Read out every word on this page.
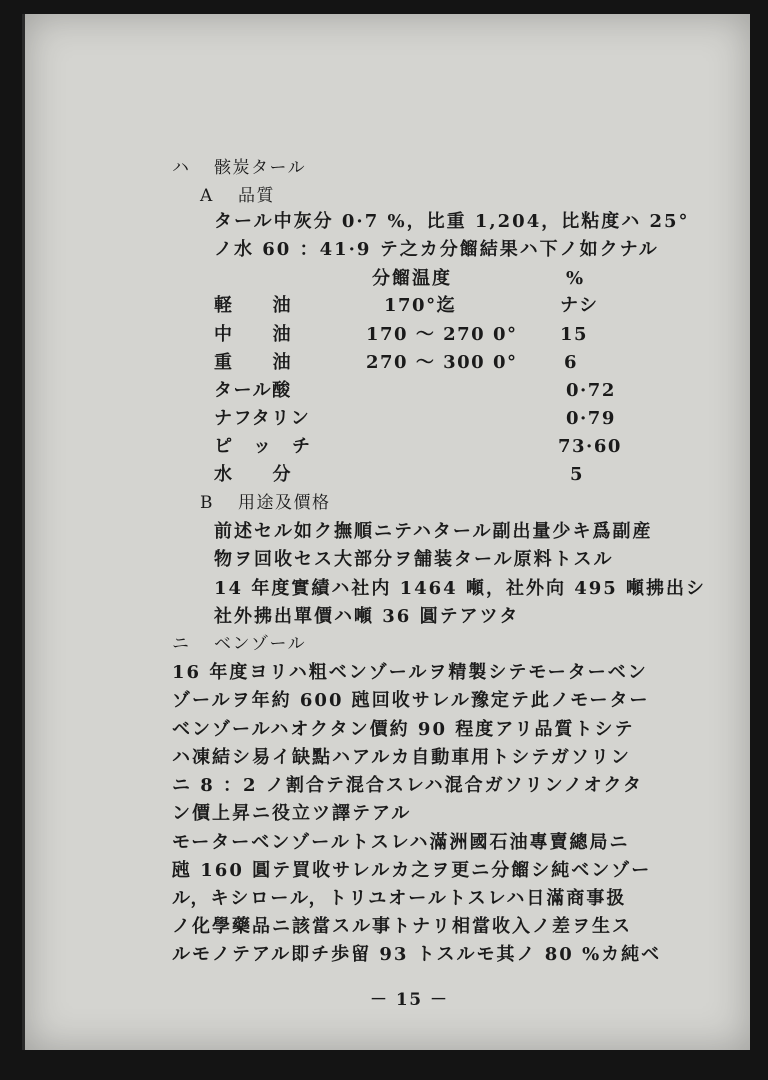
ハ 骸炭タール
A 品質
タール中灰分 0·7 %，比重 1,204，比粘度ハ 25°
ノ水 60 ：41·9 テ之カ分餾結果ハ下ノ如クナル
分餾温度	%
軽　　油	170°迄	ナシ
中　　油	170 ～ 270 0° 15
重　　油	270 ～ 300 0°	6
タール酸	0·72
ナフタリン	0·79
ピ　ッ　チ	73·60
水　　分	5
B 用途及價格
前述セル如ク撫順ニテハタール副出量少キ爲副産
物ヲ回收セス大部分ヲ舗装タール原料トスル
14 年度實績ハ社内 1464 噸，社外向 495 噸拂出シ
社外拂出單價ハ噸 36 圓テアツタ
ニ ベンゾール
16 年度ヨリハ粗ベンゾールヲ精製シテモーターベン
ゾールヲ年約 600 瓲回收サレル豫定テ此ノモーター
ベンゾールハオクタン價約 90 程度アリ品質トシテ
ハ凍結シ易イ缺點ハアルカ自動車用トシテガソリン
ニ 8 ：2 ノ割合テ混合スレハ混合ガソリンノオクタ
ン價上昇ニ役立ツ譯テアル
モーターベンゾールトスレハ滿洲國石油專賣總局ニ
瓲 160 圓テ買收サレルカ之ヲ更ニ分餾シ純ベンゾー
ル，キシロール，トリユオールトスレハ日滿商事扱
ノ化學藥品ニ該當スル事トナリ相當收入ノ差ヲ生ス
ルモノテアル即チ歩留 93 トスルモ其ノ 80 %カ純ベ
－ 15 －
